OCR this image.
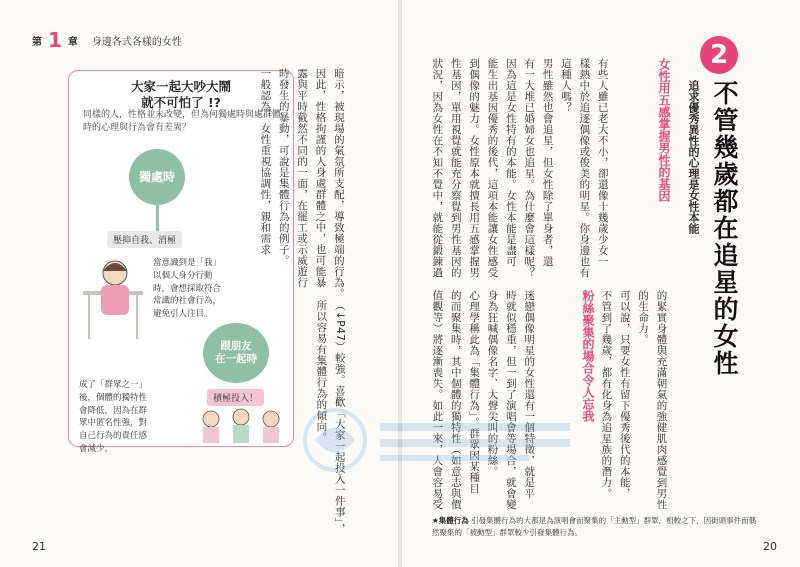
第 1 章 身邊各式各樣的女性
大家一起大吵大鬧
就不可怕了 !?
同樣的人，性格並未改變，但為何獨處時與處群體時的心理與行為會有差異？
獨處時
壓抑自我、消極
當意識到是「我」
以個人身分行動
時，會想採取符合
常識的社會行為，
避免引人注目。
跟朋友
在一起時
積極投入！
成了「群眾之一」
後，個體的獨特性
會降低，因為在群
眾中匿名性強，對
自己行為的責任感
會減少。	︵↓P47︶較強。喜歡「大家一起投入一件事」，
所以容易有集體行為的傾向。
暗示，被現場的氣氛所支配，導致極端的行為。
因此，性格拘謹的人身處群體之中，也可能暴
露與平時截然不同的一面，在罷工或示威遊行
時發生的暴動，可說是集體行為的例子。
一般認為，女性重視協調性，親和需求
21
2
不管幾歲都在追星的女性
追求優秀異性的心理是女性本能
女性用五感掌握男性的基因
有些人雖已老大不小，卻還像十幾歲少女一
樣熱中於追逐偶像或俊美的明星。你身邊也有
這種人嗎？
男性雖然也會追星，但女性除了單身者，還
有一大堆已婚婦女也追星。為什麼會這樣呢？
因為這是女性特有的本能。女性本能是盡可
能生出基因優秀的後代，這項本能讓女性感受
到偶像的魅力。女性原本就擅長用五感掌握男
性基因，單用視覺就能充分察覺到男性基因的
狀況，因為女性在不知不覺中，就能從鍛鍊過
的緊實身體與充滿朝氣的強健肌肉感覺到男性
的生命力。
可以說，只要女性有留下優秀後代的本能，
不管到了幾歲，都有化身為追星族的潛力。
粉絲聚集的場合令人忘我
迷戀偶像明星的女性還有一個特徵，就是平
時就似穩重，但一到了演唱會等場合，就會變
身為狂喊偶像名字、大聲尖叫的粉絲。
心理學稱此為「集體行為」。群眾因某種目
的而聚集時，其中個體的獨特性︵如意志與價
值觀等︶將逐漸喪失。如此一來，人會容易受
★集體行為 引發集體行為的大都是為演唱會而聚集的「主動型」群眾，相較之下，因街頭事件而偶然聚集的「被動型」群眾較少引發集體行為。
20
